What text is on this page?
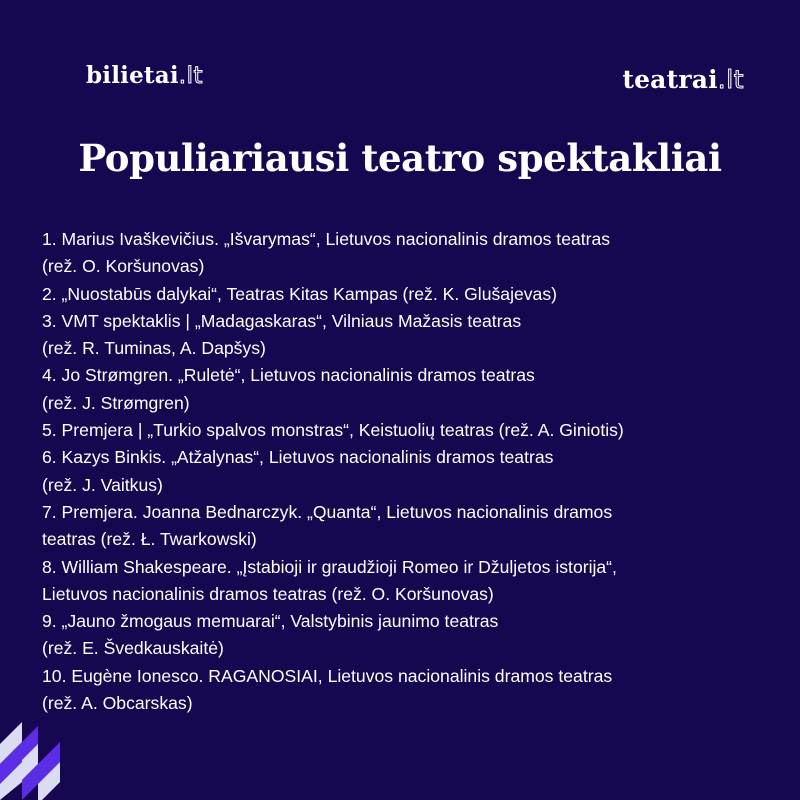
bilietai.lt	teatrai.lt
Populiariausi teatro spektakliai
1. Marius Ivaškevičius. „Išvarymas“, Lietuvos nacionalinis dramos teatras
(rež. O. Koršunovas)
2. „Nuostabūs dalykai“, Teatras Kitas Kampas (rež. K. Glušajevas)
3. VMT spektaklis | „Madagaskaras“, Vilniaus Mažasis teatras
(rež. R. Tuminas, A. Dapšys)
4. Jo Strømgren. „Ruletė“, Lietuvos nacionalinis dramos teatras
(rež. J. Strømgren)
5. Premjera | „Turkio spalvos monstras“, Keistuolių teatras (rež. A. Giniotis)
6. Kazys Binkis. „Atžalynas“, Lietuvos nacionalinis dramos teatras
(rež. J. Vaitkus)
7. Premjera. Joanna Bednarczyk. „Quanta“, Lietuvos nacionalinis dramos
teatras (rež. Ł. Twarkowski)
8. William Shakespeare. „Įstabioji ir graudžioji Romeo ir Džuljetos istorija“,
Lietuvos nacionalinis dramos teatras (rež. O. Koršunovas)
9. „Jauno žmogaus memuarai“, Valstybinis jaunimo teatras
(rež. E. Švedkauskaitė)
10. Eugène Ionesco. RAGANOSIAI, Lietuvos nacionalinis dramos teatras
(rež. A. Obcarskas)
